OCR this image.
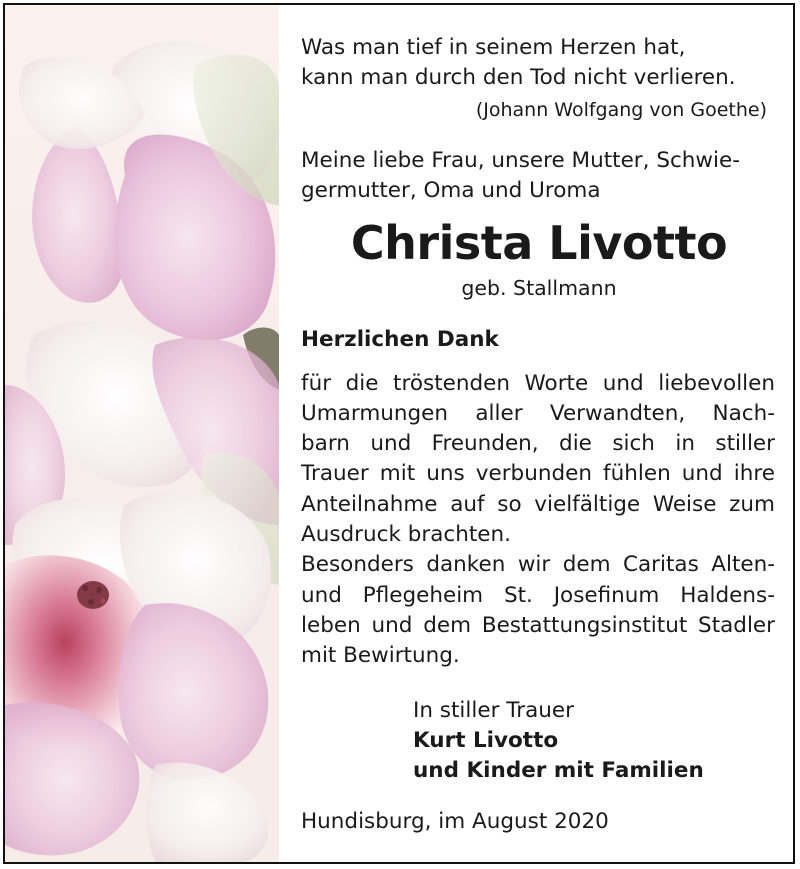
Was man tief in seinem Herzen hat,
kann man durch den Tod nicht verlieren.
(Johann Wolfgang von Goethe)
Meine liebe Frau, unsere Mutter, Schwie-
germutter, Oma und Uroma
Christa Livotto
geb. Stallmann
Herzlichen Dank
für die tröstenden Worte und liebevollen
Umarmungen aller Verwandten, Nach-
barn und Freunden, die sich in stiller
Trauer mit uns verbunden fühlen und ihre
Anteilnahme auf so vielfältige Weise zum
Ausdruck brachten.
Besonders danken wir dem Caritas Alten-
und Pflegeheim St. Josefinum Haldens-
leben und dem Bestattungsinstitut Stadler
mit Bewirtung.
In stiller Trauer
Kurt Livotto
und Kinder mit Familien
Hundisburg, im August 2020
